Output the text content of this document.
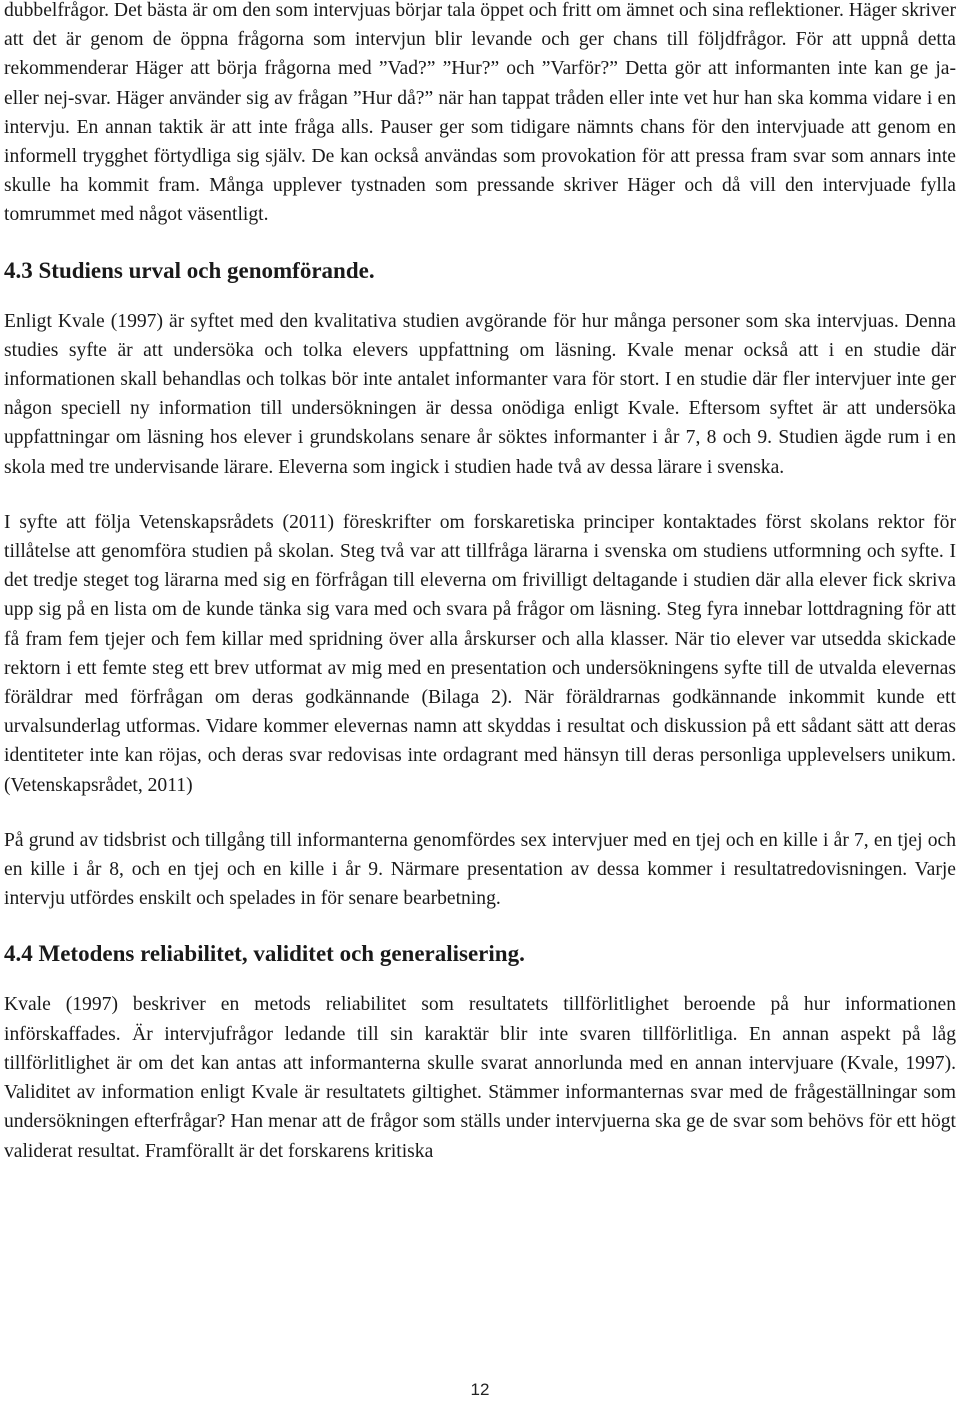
dubbelfrågor. Det bästa är om den som intervjuas börjar tala öppet och fritt om ämnet och sina reflektioner. Häger skriver att det är genom de öppna frågorna som intervjun blir levande och ger chans till följdfrågor. För att uppnå detta rekommenderar Häger att börja frågorna med ”Vad?” ”Hur?” och ”Varför?” Detta gör att informanten inte kan ge ja- eller nej-svar. Häger använder sig av frågan ”Hur då?” när han tappat tråden eller inte vet hur han ska komma vidare i en intervju. En annan taktik är att inte fråga alls. Pauser ger som tidigare nämnts chans för den intervjuade att genom en informell trygghet förtydliga sig själv. De kan också användas som provokation för att pressa fram svar som annars inte skulle ha kommit fram. Många upplever tystnaden som pressande skriver Häger och då vill den intervjuade fylla tomrummet med något väsentligt.

4.3 Studiens urval och genomförande.

Enligt Kvale (1997) är syftet med den kvalitativa studien avgörande för hur många personer som ska intervjuas. Denna studies syfte är att undersöka och tolka elevers uppfattning om läsning. Kvale menar också att i en studie där informationen skall behandlas och tolkas bör inte antalet informanter vara för stort. I en studie där fler intervjuer inte ger någon speciell ny information till undersökningen är dessa onödiga enligt Kvale. Eftersom syftet är att undersöka uppfattningar om läsning hos elever i grundskolans senare år söktes informanter i år 7, 8 och 9. Studien ägde rum i en skola med tre undervisande lärare. Eleverna som ingick i studien hade två av dessa lärare i svenska.

I syfte att följa Vetenskapsrådets (2011) föreskrifter om forskaretiska principer kontaktades först skolans rektor för tillåtelse att genomföra studien på skolan. Steg två var att tillfråga lärarna i svenska om studiens utformning och syfte. I det tredje steget tog lärarna med sig en förfrågan till eleverna om frivilligt deltagande i studien där alla elever fick skriva upp sig på en lista om de kunde tänka sig vara med och svara på frågor om läsning. Steg fyra innebar lottdragning för att få fram fem tjejer och fem killar med spridning över alla årskurser och alla klasser. När tio elever var utsedda skickade rektorn i ett femte steg ett brev utformat av mig med en presentation och undersökningens syfte till de utvalda elevernas föräldrar med förfrågan om deras godkännande (Bilaga 2). När föräldrarnas godkännande inkommit kunde ett urvalsunderlag utformas. Vidare kommer elevernas namn att skyddas i resultat och diskussion på ett sådant sätt att deras identiteter inte kan röjas, och deras svar redovisas inte ordagrant med hänsyn till deras personliga upplevelsers unikum.(Vetenskapsrådet, 2011)

På grund av tidsbrist och tillgång till informanterna genomfördes sex intervjuer med en tjej och en kille i år 7, en tjej och en kille i år 8, och en tjej och en kille i år 9. Närmare presentation av dessa kommer i resultatredovisningen. Varje intervju utfördes enskilt och spelades in för senare bearbetning.

4.4 Metodens reliabilitet, validitet och generalisering.

Kvale (1997) beskriver en metods reliabilitet som resultatets tillförlitlighet beroende på hur informationen införskaffades. Är intervjufrågor ledande till sin karaktär blir inte svaren tillförlitliga. En annan aspekt på låg tillförlitlighet är om det kan antas att informanterna skulle svarat annorlunda med en annan intervjuare (Kvale, 1997). Validitet av information enligt Kvale är resultatets giltighet. Stämmer informanternas svar med de frågeställningar som undersökningen efterfrågar? Han menar att de frågor som ställs under intervjuerna ska ge de svar som behövs för ett högt validerat resultat. Framförallt är det forskarens kritiska

12
